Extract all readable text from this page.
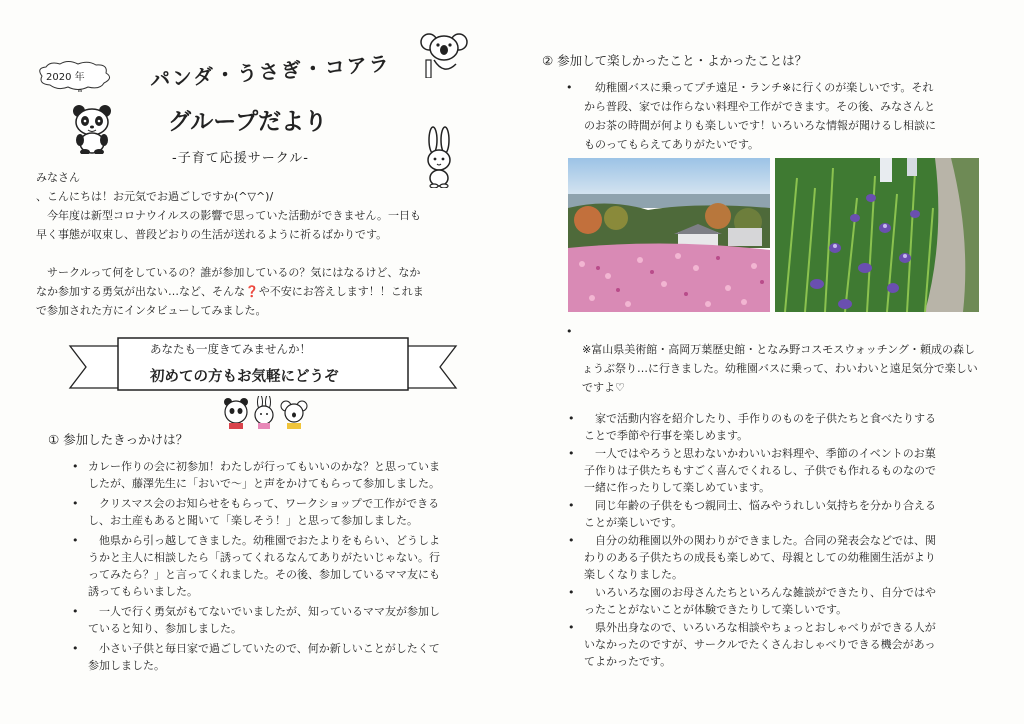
2020 年	パンダ・うさぎ・コアラ
グループだより
-子育て応援サークル-

みなさん

、こんにちは！お元気でお過ごしですか(^▽^)/

　今年度は新型コロナウイルスの影響で思っていた活動ができません。一日も

早く事態が収束し、普段どおりの生活が送れるように祈るばかりです。

　サークルって何をしているの？誰が参加しているの？気にはなるけど、なか

なか参加する勇気が出ない…など、そんな❓や不安にお答えします！！これま

で参加された方にインタビューしてみました。

あなたも一度きてみませんか！
初めての方もお気軽にどうぞ
① 参加したきっかけは？
• カレー作りの会に初参加！わたしが行ってもいいのかな？と思っていま
したが、藤澤先生に「おいで〜」と声をかけてもらって参加しました。
• 　クリスマス会のお知らせをもらって、ワークショップで工作ができる
し、お土産もあると聞いて「楽しそう！」と思って参加しました。
• 　他県から引っ越してきました。幼稚園でおたよりをもらい、どうしよ
うかと主人に相談したら「誘ってくれるなんてありがたいじゃない。行
ってみたら？」と言ってくれました。その後、参加しているママ友にも
誘ってもらいました。
• 　一人で行く勇気がもてないでいましたが、知っているママ友が参加し
ていると知り、参加しました。
• 　小さい子供と毎日家で過ごしていたので、何か新しいことがしたくて
参加しました。
② 参加して楽しかったこと・よかったことは？
• 　幼稚園バスに乗ってプチ遠足・ランチ※に行くのが楽しいです。それ
から普段、家では作らない料理や工作ができます。その後、みなさんと
のお茶の時間が何よりも楽しいです！いろいろな情報が聞けるし相談に
ものってもらえてありがたいです。
•
※富山県美術館・高岡万葉歴史館・となみ野コスモスウォッチング・頼成の森し
ょうぶ祭り…に行きました。幼稚園バスに乗って、わいわいと遠足気分で楽しい
ですよ♡
• 　家で活動内容を紹介したり、手作りのものを子供たちと食べたりする
ことで季節や行事を楽しめます。
• 　一人ではやろうと思わないかわいいお料理や、季節のイベントのお菓
子作りは子供たちもすごく喜んでくれるし、子供でも作れるものなので
一緒に作ったりして楽しめています。
• 　同じ年齢の子供をもつ親同士、悩みやうれしい気持ちを分かり合える
ことが楽しいです。
• 　自分の幼稚園以外の関わりができました。合同の発表会などでは、関
わりのある子供たちの成長も楽しめて、母親としての幼稚園生活がより
楽しくなりました。
• 　いろいろな園のお母さんたちといろんな雑談ができたり、自分ではや
ったことがないことが体験できたりして楽しいです。
• 　県外出身なので、いろいろな相談やちょっとおしゃべりができる人が
いなかったのですが、サークルでたくさんおしゃべりできる機会があっ
てよかったです。
